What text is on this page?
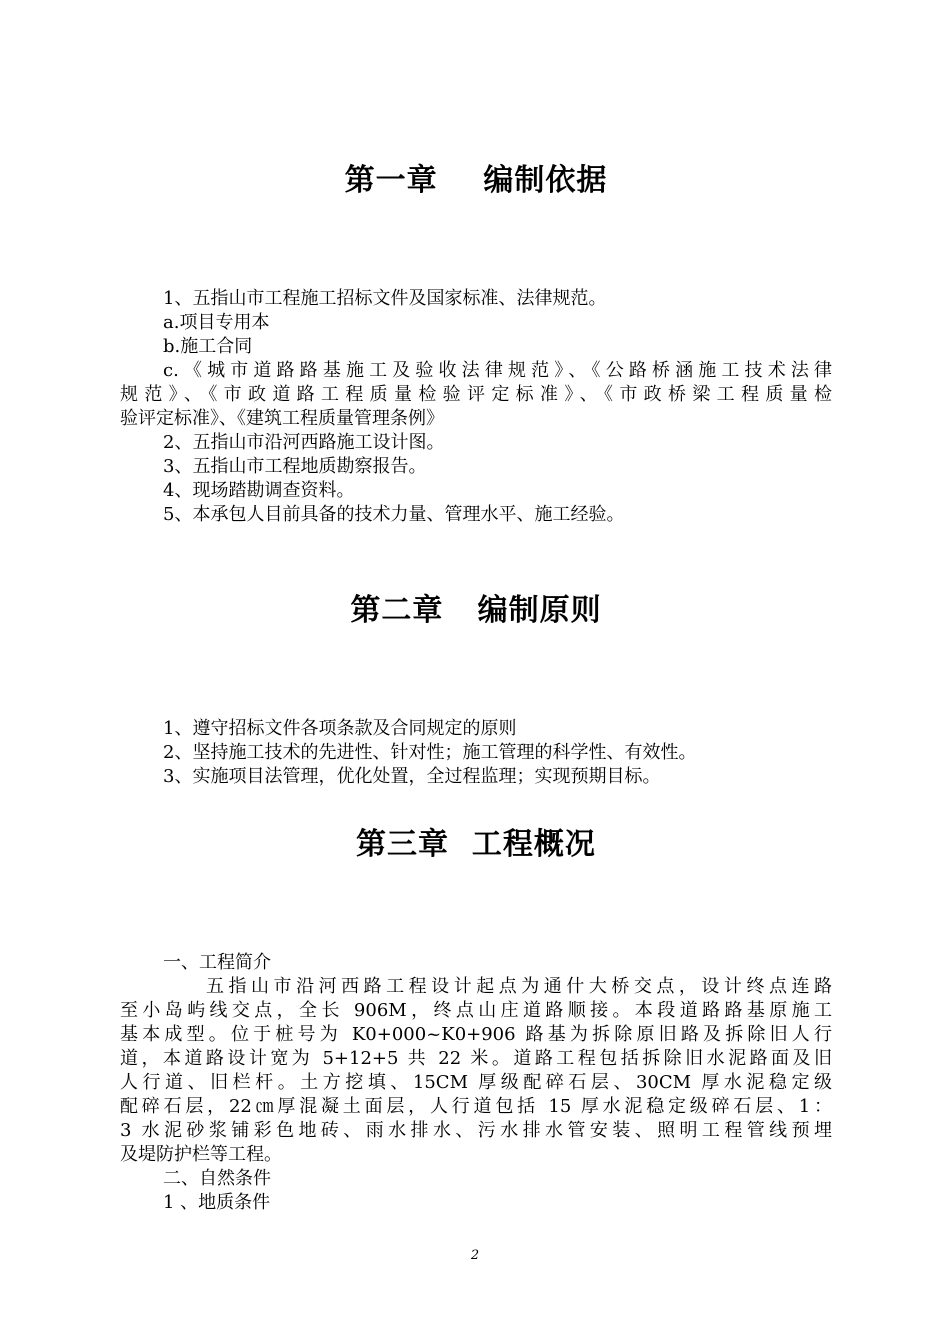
第一章    编制依据
1、五指山市工程施工招标文件及国家标准、法律规范。
a.项目专用本
b.施工合同
c.《城市道路路基施工及验收法律规范》、《公路桥涵施工技术法律
规范》、《市政道路工程质量检验评定标准》、《市政桥梁工程质量检
验评定标准》、《建筑工程质量管理条例》
2、五指山市沿河西路施工设计图。
3、五指山市工程地质勘察报告。
4、现场踏勘调查资料。
5、本承包人目前具备的技术力量、管理水平、施工经验。
第二章   编制原则
1、遵守招标文件各项条款及合同规定的原则
2、坚持施工技术的先进性、针对性；施工管理的科学性、有效性。
3、实施项目法管理，优化处置，全过程监理；实现预期目标。
第三章  工程概况
一、工程简介
五指山市沿河西路工程设计起点为通什大桥交点，设计终点连路
至小岛屿线交点，全长 906M，终点山庄道路顺接。本段道路路基原施工
基本成型。位于桩号为 K0+000~K0+906 路基为拆除原旧路及拆除旧人行
道，本道路设计宽为 5+12+5 共 22 米。道路工程包括拆除旧水泥路面及旧
人行道、旧栏杆。土方挖填、15CM 厚级配碎石层、30CM 厚水泥稳定级
配碎石层，22㎝厚混凝土面层，人行道包括 15 厚水泥稳定级碎石层、1：
3 水泥砂浆铺彩色地砖、雨水排水、污水排水管安装、照明工程管线预埋
及堤防护栏等工程。
二、自然条件
1 、地质条件
2
